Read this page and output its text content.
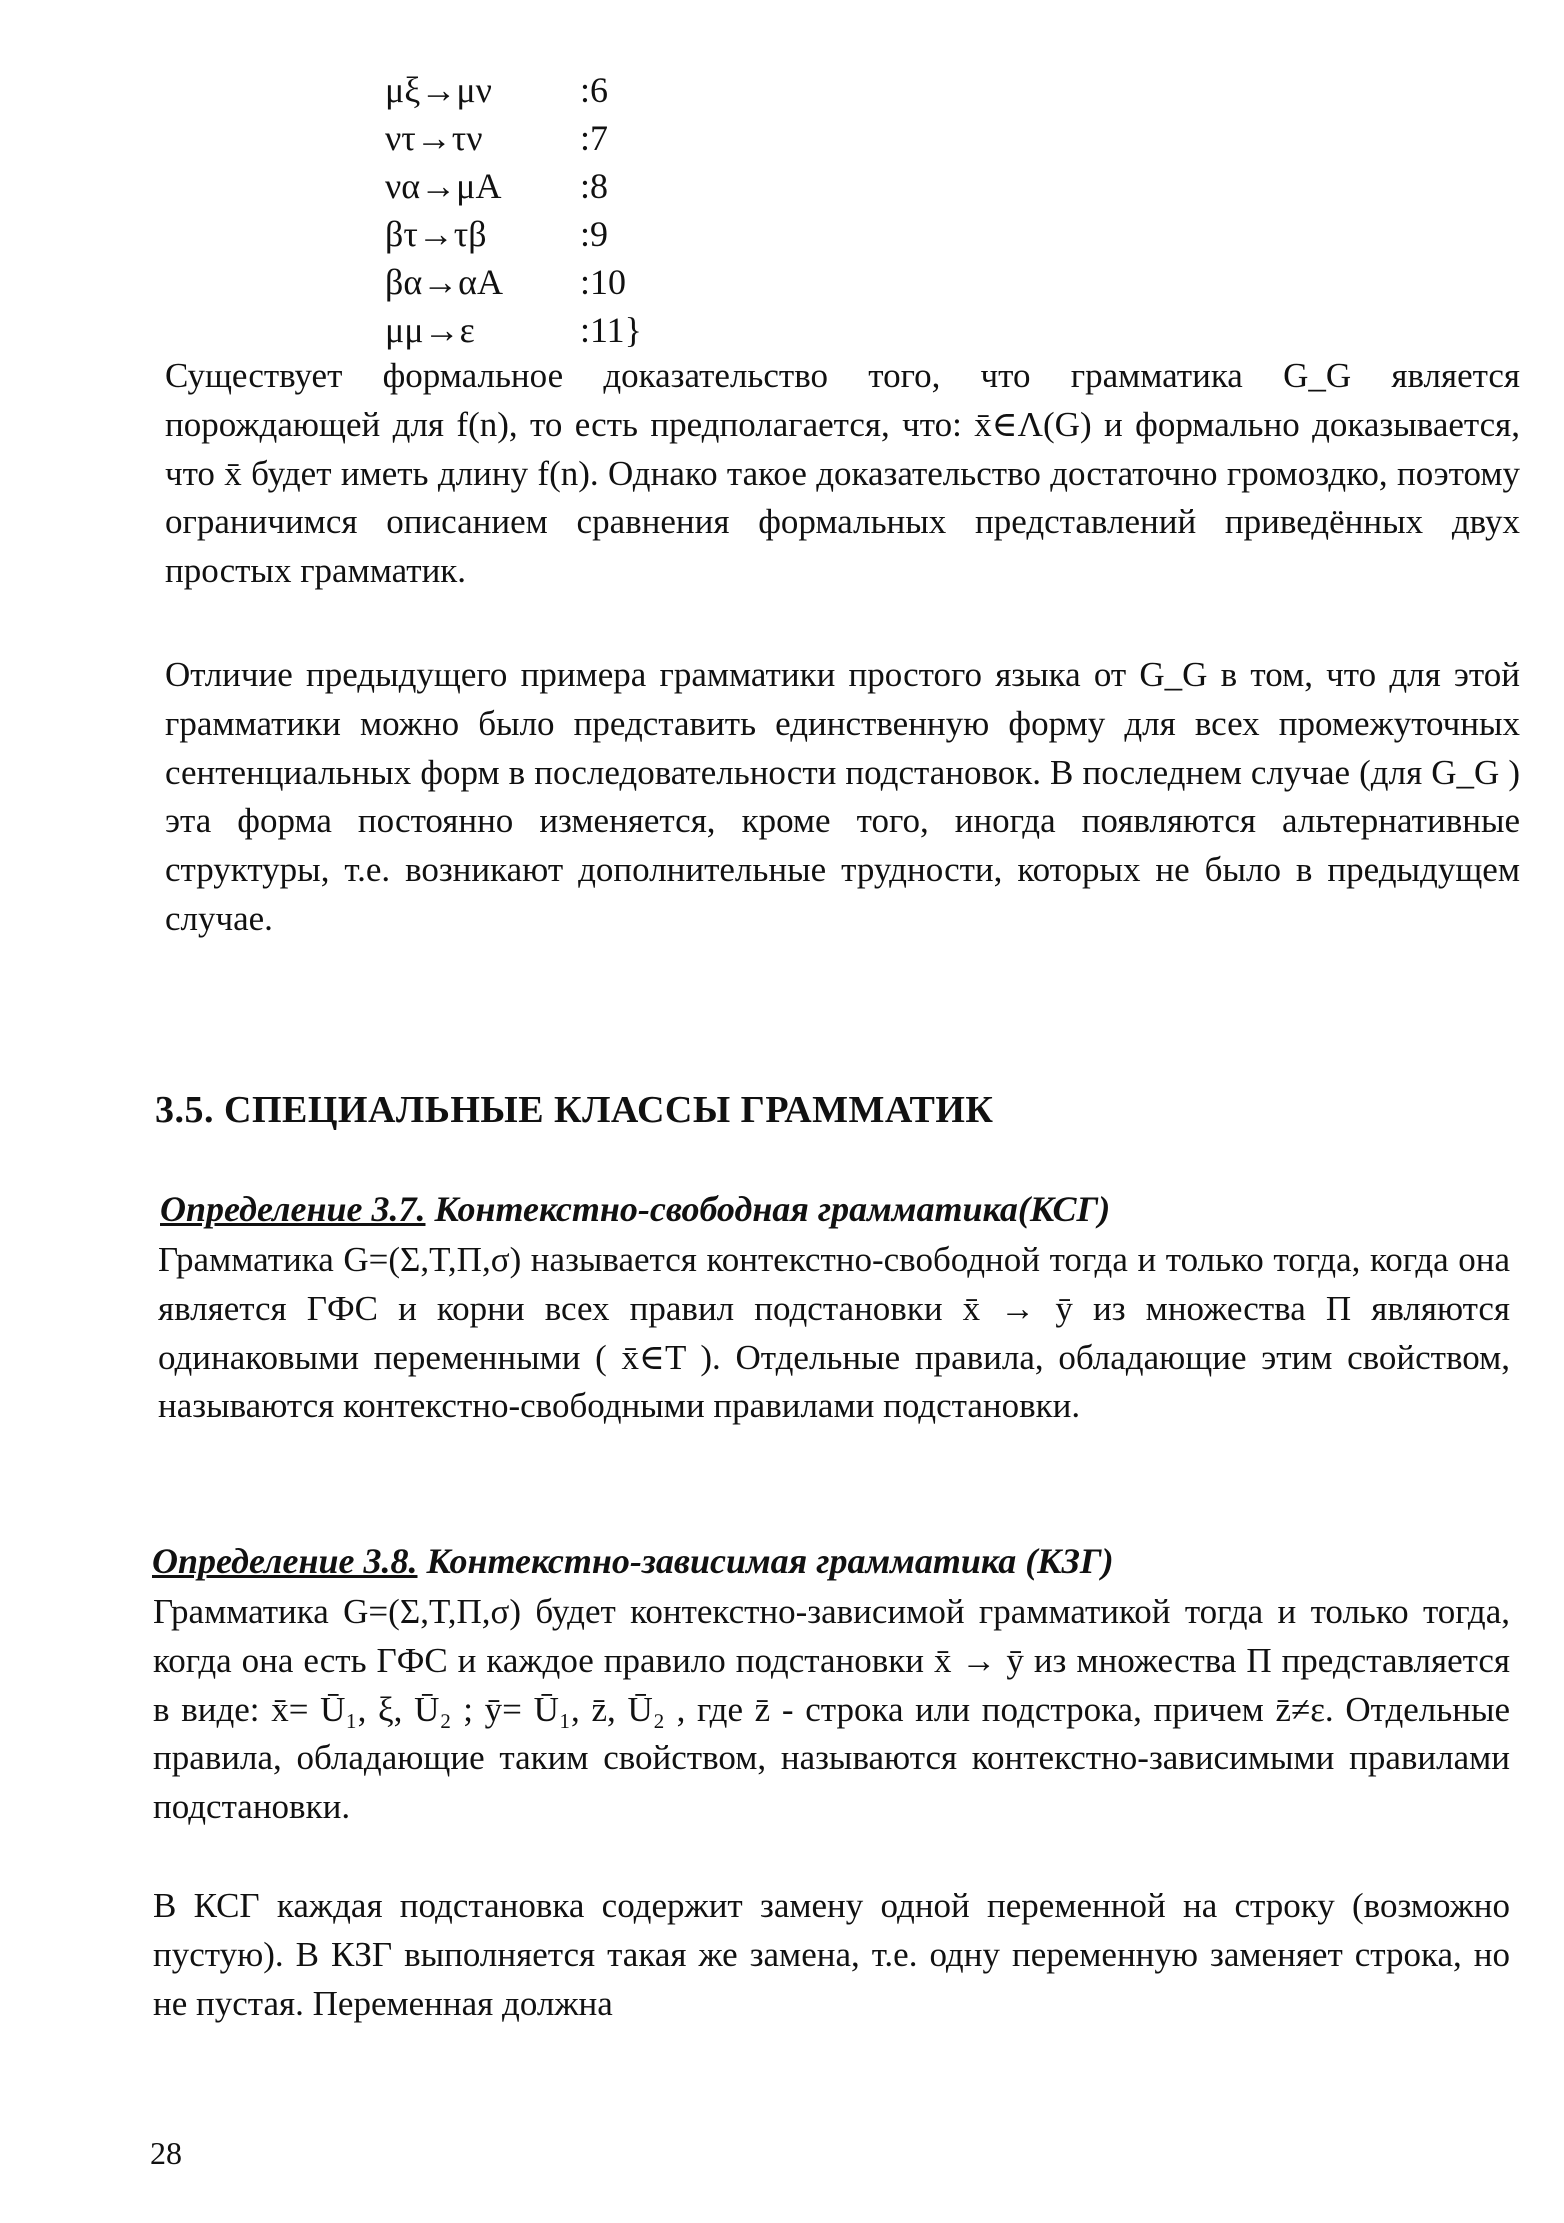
μξ→μν	:6
ντ→τν	:7
να→μA	:8
βτ→τβ	:9
βα→αA	:10
μμ→ε	:11}

Существует формальное доказательство того, что грамматика G_G является порождающей для f(n), то есть предполагается, что: x̄∈Λ(G) и формально доказывается, что x̄ будет иметь длину f(n). Однако такое доказательство достаточно громоздко, поэтому ограничимся описанием сравнения формальных представлений приведённых двух простых грамматик.

Отличие предыдущего примера грамматики простого языка от G_G в том, что для этой грамматики можно было представить единственную форму для всех промежуточных сентенциальных форм в последовательности подстановок. В последнем случае (для G_G ) эта форма постоянно изменяется, кроме того, иногда появляются альтернативные структуры, т.е. возникают дополнительные трудности, которых не было в предыдущем случае.

3.5. СПЕЦИАЛЬНЫЕ КЛАССЫ ГРАММАТИК
Определение 3.7. Контекстно-свободная грамматика(КСГ)

Грамматика G=(Σ,T,Π,σ) называется контекстно-свободной тогда и только тогда, когда она является ГФС и корни всех правил подстановки x̄ → ȳ из множества Π являются одинаковыми переменными ( x̄∈T ). Отдельные правила, обладающие этим свойством, называются контекстно-свободными правилами подстановки.

Определение 3.8. Контекстно-зависимая грамматика (КЗГ)

Грамматика G=(Σ,T,Π,σ) будет контекстно-зависимой грамматикой тогда и только тогда, когда она есть ГФС и каждое правило подстановки x̄ → ȳ из множества Π представляется в виде: x̄= Ū₁, ξ, Ū₂ ; ȳ= Ū₁, z̄, Ū₂ , где z̄ - строка или подстрока, причем z̄≠ε. Отдельные правила, обладающие таким свойством, называются контекстно-зависимыми правилами подстановки.

В КСГ каждая подстановка содержит замену одной переменной на строку (возможно пустую). В КЗГ выполняется такая же замена, т.е. одну переменную заменяет строка, но не пустая. Переменная должна

28
